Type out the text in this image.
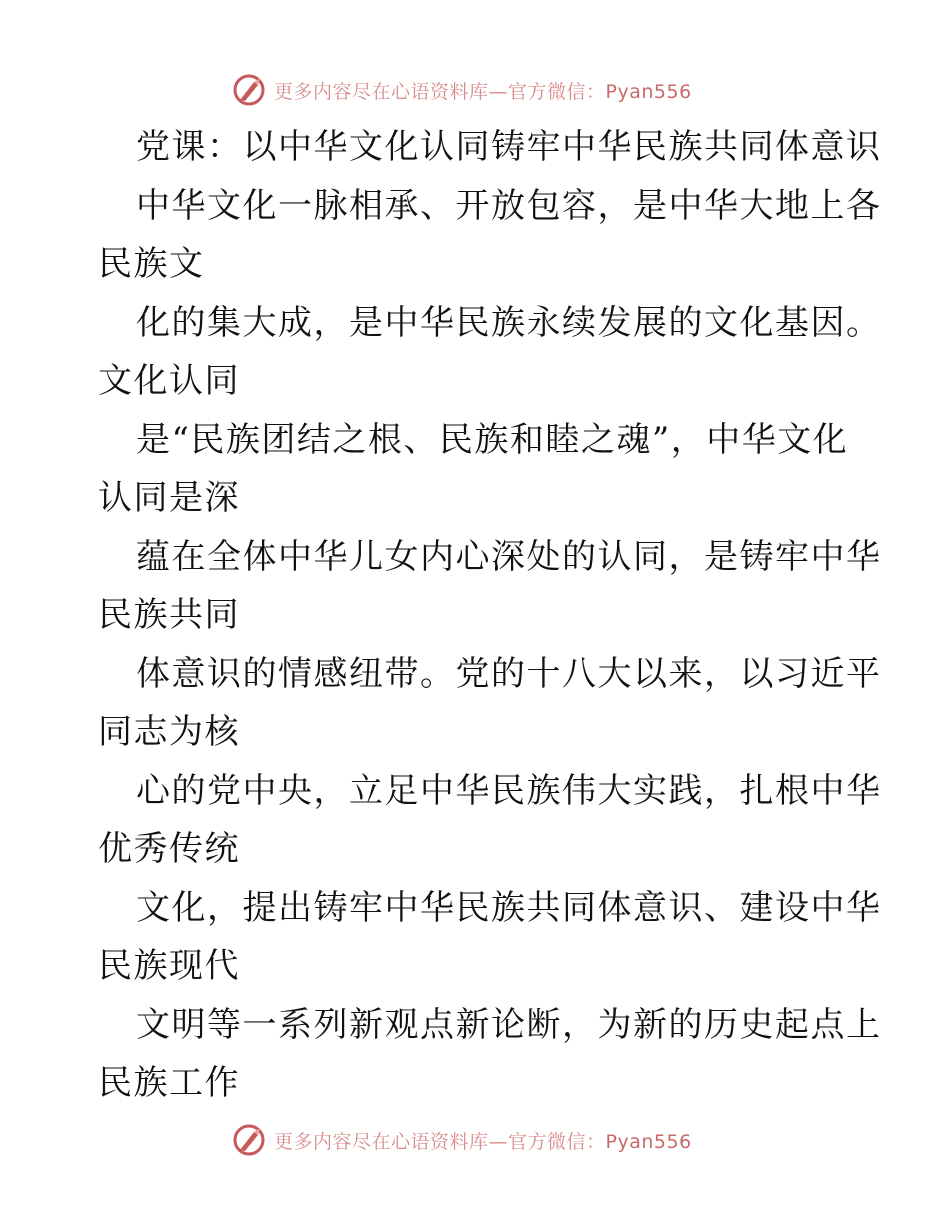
更多内容尽在心语资料库—官方微信：Pyan556
党课：以中华文化认同铸牢中华民族共同体意识
中华文化一脉相承、开放包容，是中华大地上各
民族文
化的集大成，是中华民族永续发展的文化基因。
文化认同
是“民族团结之根、民族和睦之魂”，中华文化
认同是深
蕴在全体中华儿女内心深处的认同，是铸牢中华
民族共同
体意识的情感纽带。党的十八大以来，以习近平
同志为核
心的党中央，立足中华民族伟大实践，扎根中华
优秀传统
文化，提出铸牢中华民族共同体意识、建设中华
民族现代
文明等一系列新观点新论断，为新的历史起点上
民族工作
更多内容尽在心语资料库—官方微信：Pyan556
